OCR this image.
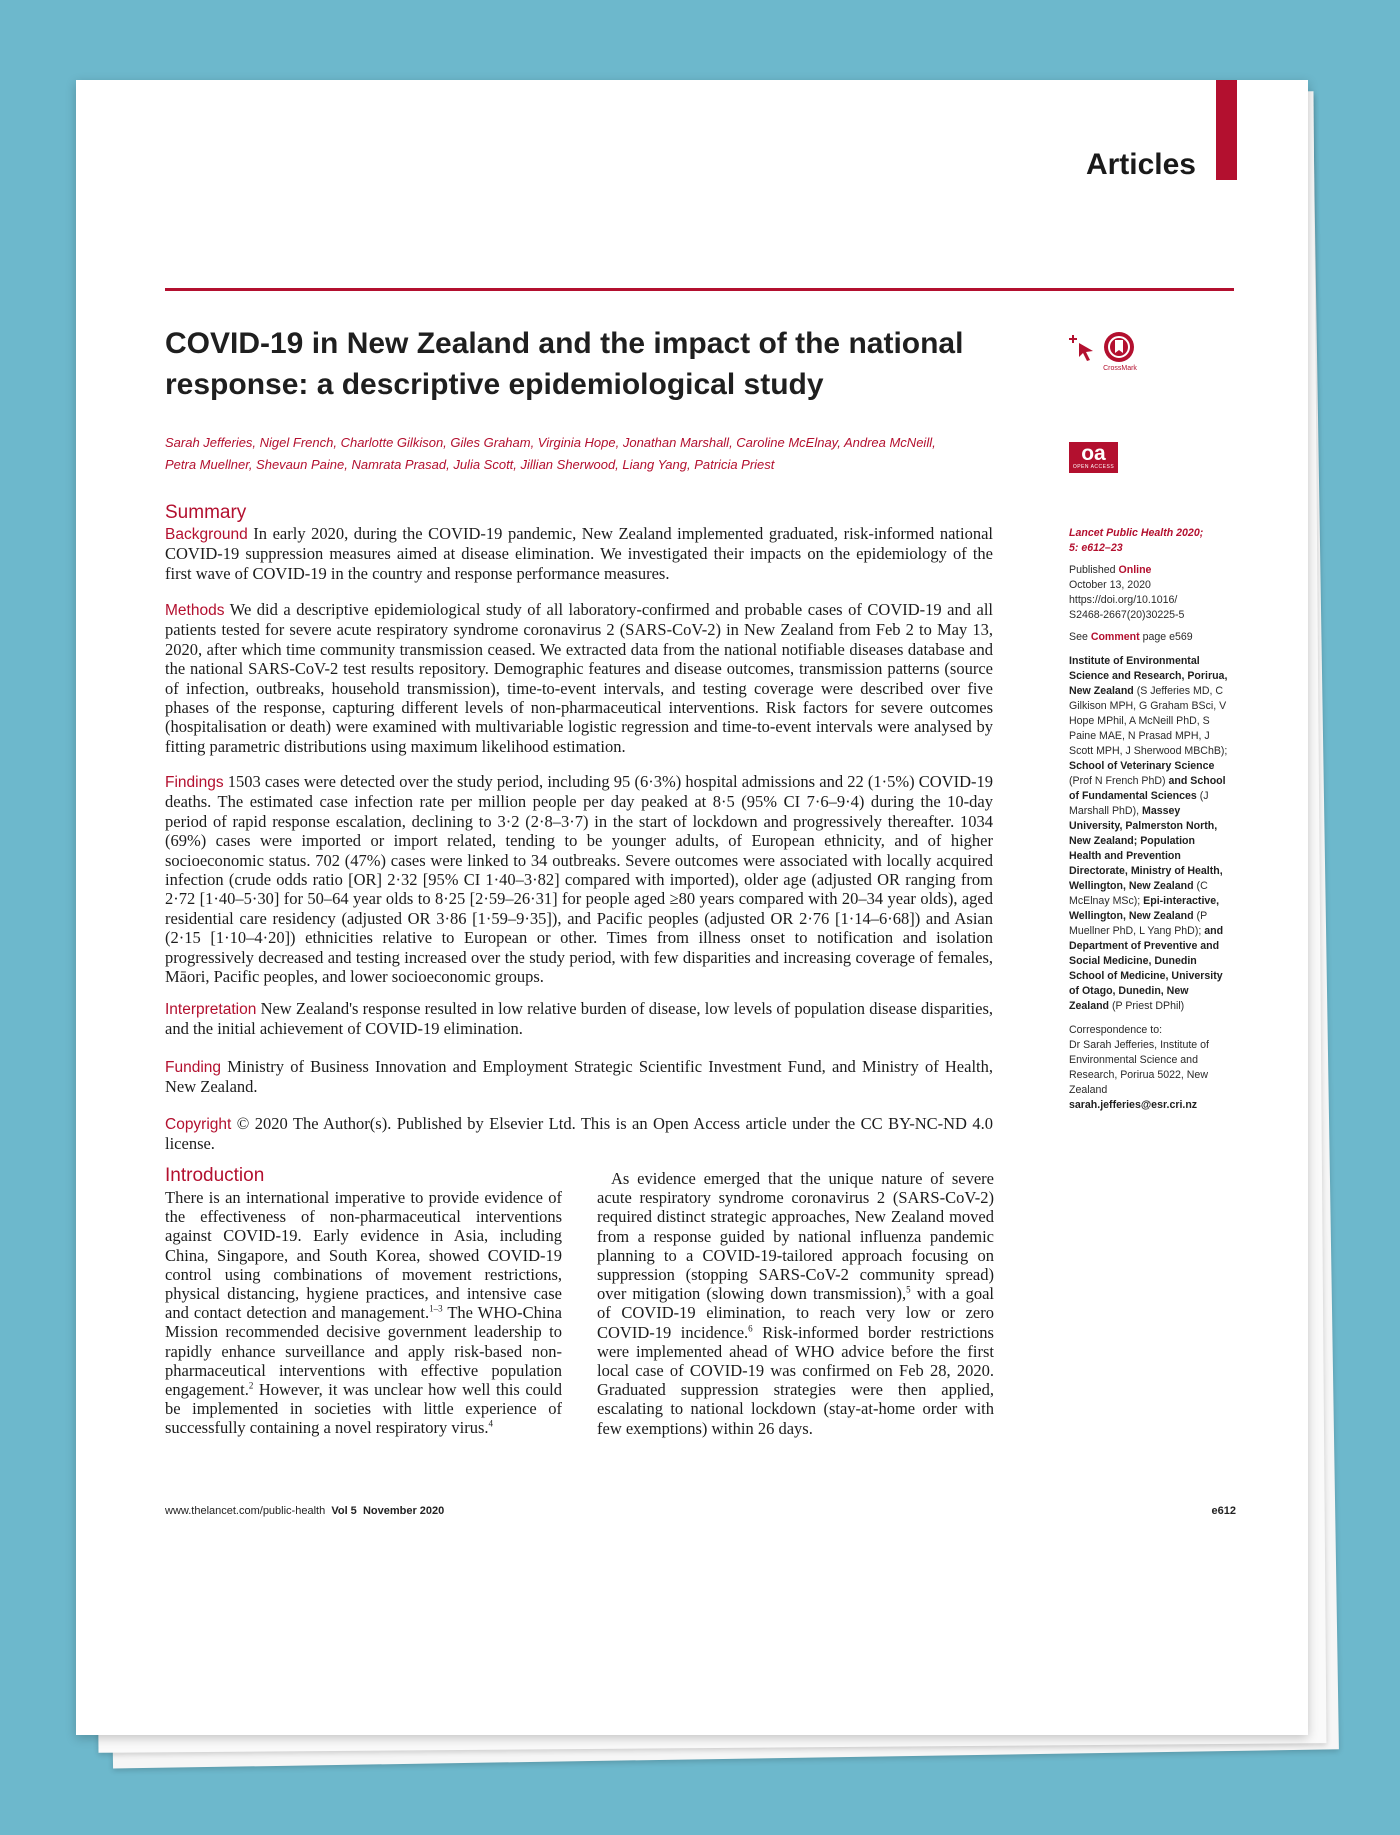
Articles
COVID-19 in New Zealand and the impact of the national response: a descriptive epidemiological study

Sarah Jefferies, Nigel French, Charlotte Gilkison, Giles Graham, Virginia Hope, Jonathan Marshall, Caroline McElnay, Andrea McNeill,
Petra Muellner, Shevaun Paine, Namrata Prasad, Julia Scott, Jillian Sherwood, Liang Yang, Patricia Priest

CrossMark
oa
OPEN ACCESS
Summary

Background In early 2020, during the COVID-19 pandemic, New Zealand implemented graduated, risk-informed national COVID-19 suppression measures aimed at disease elimination. We investigated their impacts on the epidemiology of the first wave of COVID-19 in the country and response performance measures.

Methods We did a descriptive epidemiological study of all laboratory-confirmed and probable cases of COVID-19 and all patients tested for severe acute respiratory syndrome coronavirus 2 (SARS-CoV-2) in New Zealand from Feb 2 to May 13, 2020, after which time community transmission ceased. We extracted data from the national notifiable diseases database and the national SARS-CoV-2 test results repository. Demographic features and disease outcomes, transmission patterns (source of infection, outbreaks, household transmission), time-to-event intervals, and testing coverage were described over five phases of the response, capturing different levels of non-pharmaceutical interventions. Risk factors for severe outcomes (hospitalisation or death) were examined with multivariable logistic regression and time-to-event intervals were analysed by fitting parametric distributions using maximum likelihood estimation.

Findings 1503 cases were detected over the study period, including 95 (6·3%) hospital admissions and 22 (1·5%) COVID-19 deaths. The estimated case infection rate per million people per day peaked at 8·5 (95% CI 7·6–9·4) during the 10-day period of rapid response escalation, declining to 3·2 (2·8–3·7) in the start of lockdown and progressively thereafter. 1034 (69%) cases were imported or import related, tending to be younger adults, of European ethnicity, and of higher socioeconomic status. 702 (47%) cases were linked to 34 outbreaks. Severe outcomes were associated with locally acquired infection (crude odds ratio [OR] 2·32 [95% CI 1·40–3·82] compared with imported), older age (adjusted OR ranging from 2·72 [1·40–5·30] for 50–64 year olds to 8·25 [2·59–26·31] for people aged ≥80 years compared with 20–34 year olds), aged residential care residency (adjusted OR 3·86 [1·59–9·35]), and Pacific peoples (adjusted OR 2·76 [1·14–6·68]) and Asian (2·15 [1·10–4·20]) ethnicities relative to European or other. Times from illness onset to notification and isolation progressively decreased and testing increased over the study period, with few disparities and increasing coverage of females, Māori, Pacific peoples, and lower socioeconomic groups.

Interpretation New Zealand's response resulted in low relative burden of disease, low levels of population disease disparities, and the initial achievement of COVID-19 elimination.

Funding Ministry of Business Innovation and Employment Strategic Scientific Investment Fund, and Ministry of Health, New Zealand.

Copyright © 2020 The Author(s). Published by Elsevier Ltd. This is an Open Access article under the CC BY-NC-ND 4.0 license.

Introduction

There is an international imperative to provide evidence of the effectiveness of non-pharmaceutical interventions against COVID-19. Early evidence in Asia, including China, Singapore, and South Korea, showed COVID-19 control using combinations of movement restrictions, physical distancing, hygiene practices, and intensive case and contact detection and management.$^{1-3}$ The WHO-China Mission recommended decisive government leadership to rapidly enhance surveillance and apply risk-based non-pharmaceutical interventions with effective population engagement.$^2$ However, it was unclear how well this could be implemented in societies with little experience of successfully containing a novel respiratory virus.$^4$

As evidence emerged that the unique nature of severe acute respiratory syndrome coronavirus 2 (SARS-CoV-2) required distinct strategic approaches, New Zealand moved from a response guided by national influenza pandemic planning to a COVID-19-tailored approach focusing on suppression (stopping SARS-CoV-2 community spread) over mitigation (slowing down transmission),$^5$ with a goal of COVID-19 elimination, to reach very low or zero COVID-19 incidence.$^6$ Risk-informed border restrictions were implemented ahead of WHO advice before the first local case of COVID-19 was confirmed on Feb 28, 2020. Graduated suppression strategies were then applied, escalating to national lockdown (stay-at-home order with few exemptions) within 26 days.

Lancet Public Health 2020;
5: e612–23

Published Online
October 13, 2020
https://doi.org/10.1016/
S2468-2667(20)30225-5

See Comment page e569

Institute of Environmental Science and Research, Porirua, New Zealand (S Jefferies MD, C Gilkison MPH, G Graham BSci, V Hope MPhil, A McNeill PhD, S Paine MAE, N Prasad MPH, J Scott MPH, J Sherwood MBChB); School of Veterinary Science (Prof N French PhD) and School of Fundamental Sciences (J Marshall PhD), Massey University, Palmerston North, New Zealand; Population Health and Prevention Directorate, Ministry of Health, Wellington, New Zealand (C McElnay MSc); Epi-interactive, Wellington, New Zealand (P Muellner PhD, L Yang PhD); and Department of Preventive and Social Medicine, Dunedin School of Medicine, University of Otago, Dunedin, New Zealand (P Priest DPhil)

Correspondence to:
Dr Sarah Jefferies, Institute of Environmental Science and Research, Porirua 5022, New Zealand
sarah.jefferies@esr.cri.nz

www.thelancet.com/public-health Vol 5 November 2020	e612
